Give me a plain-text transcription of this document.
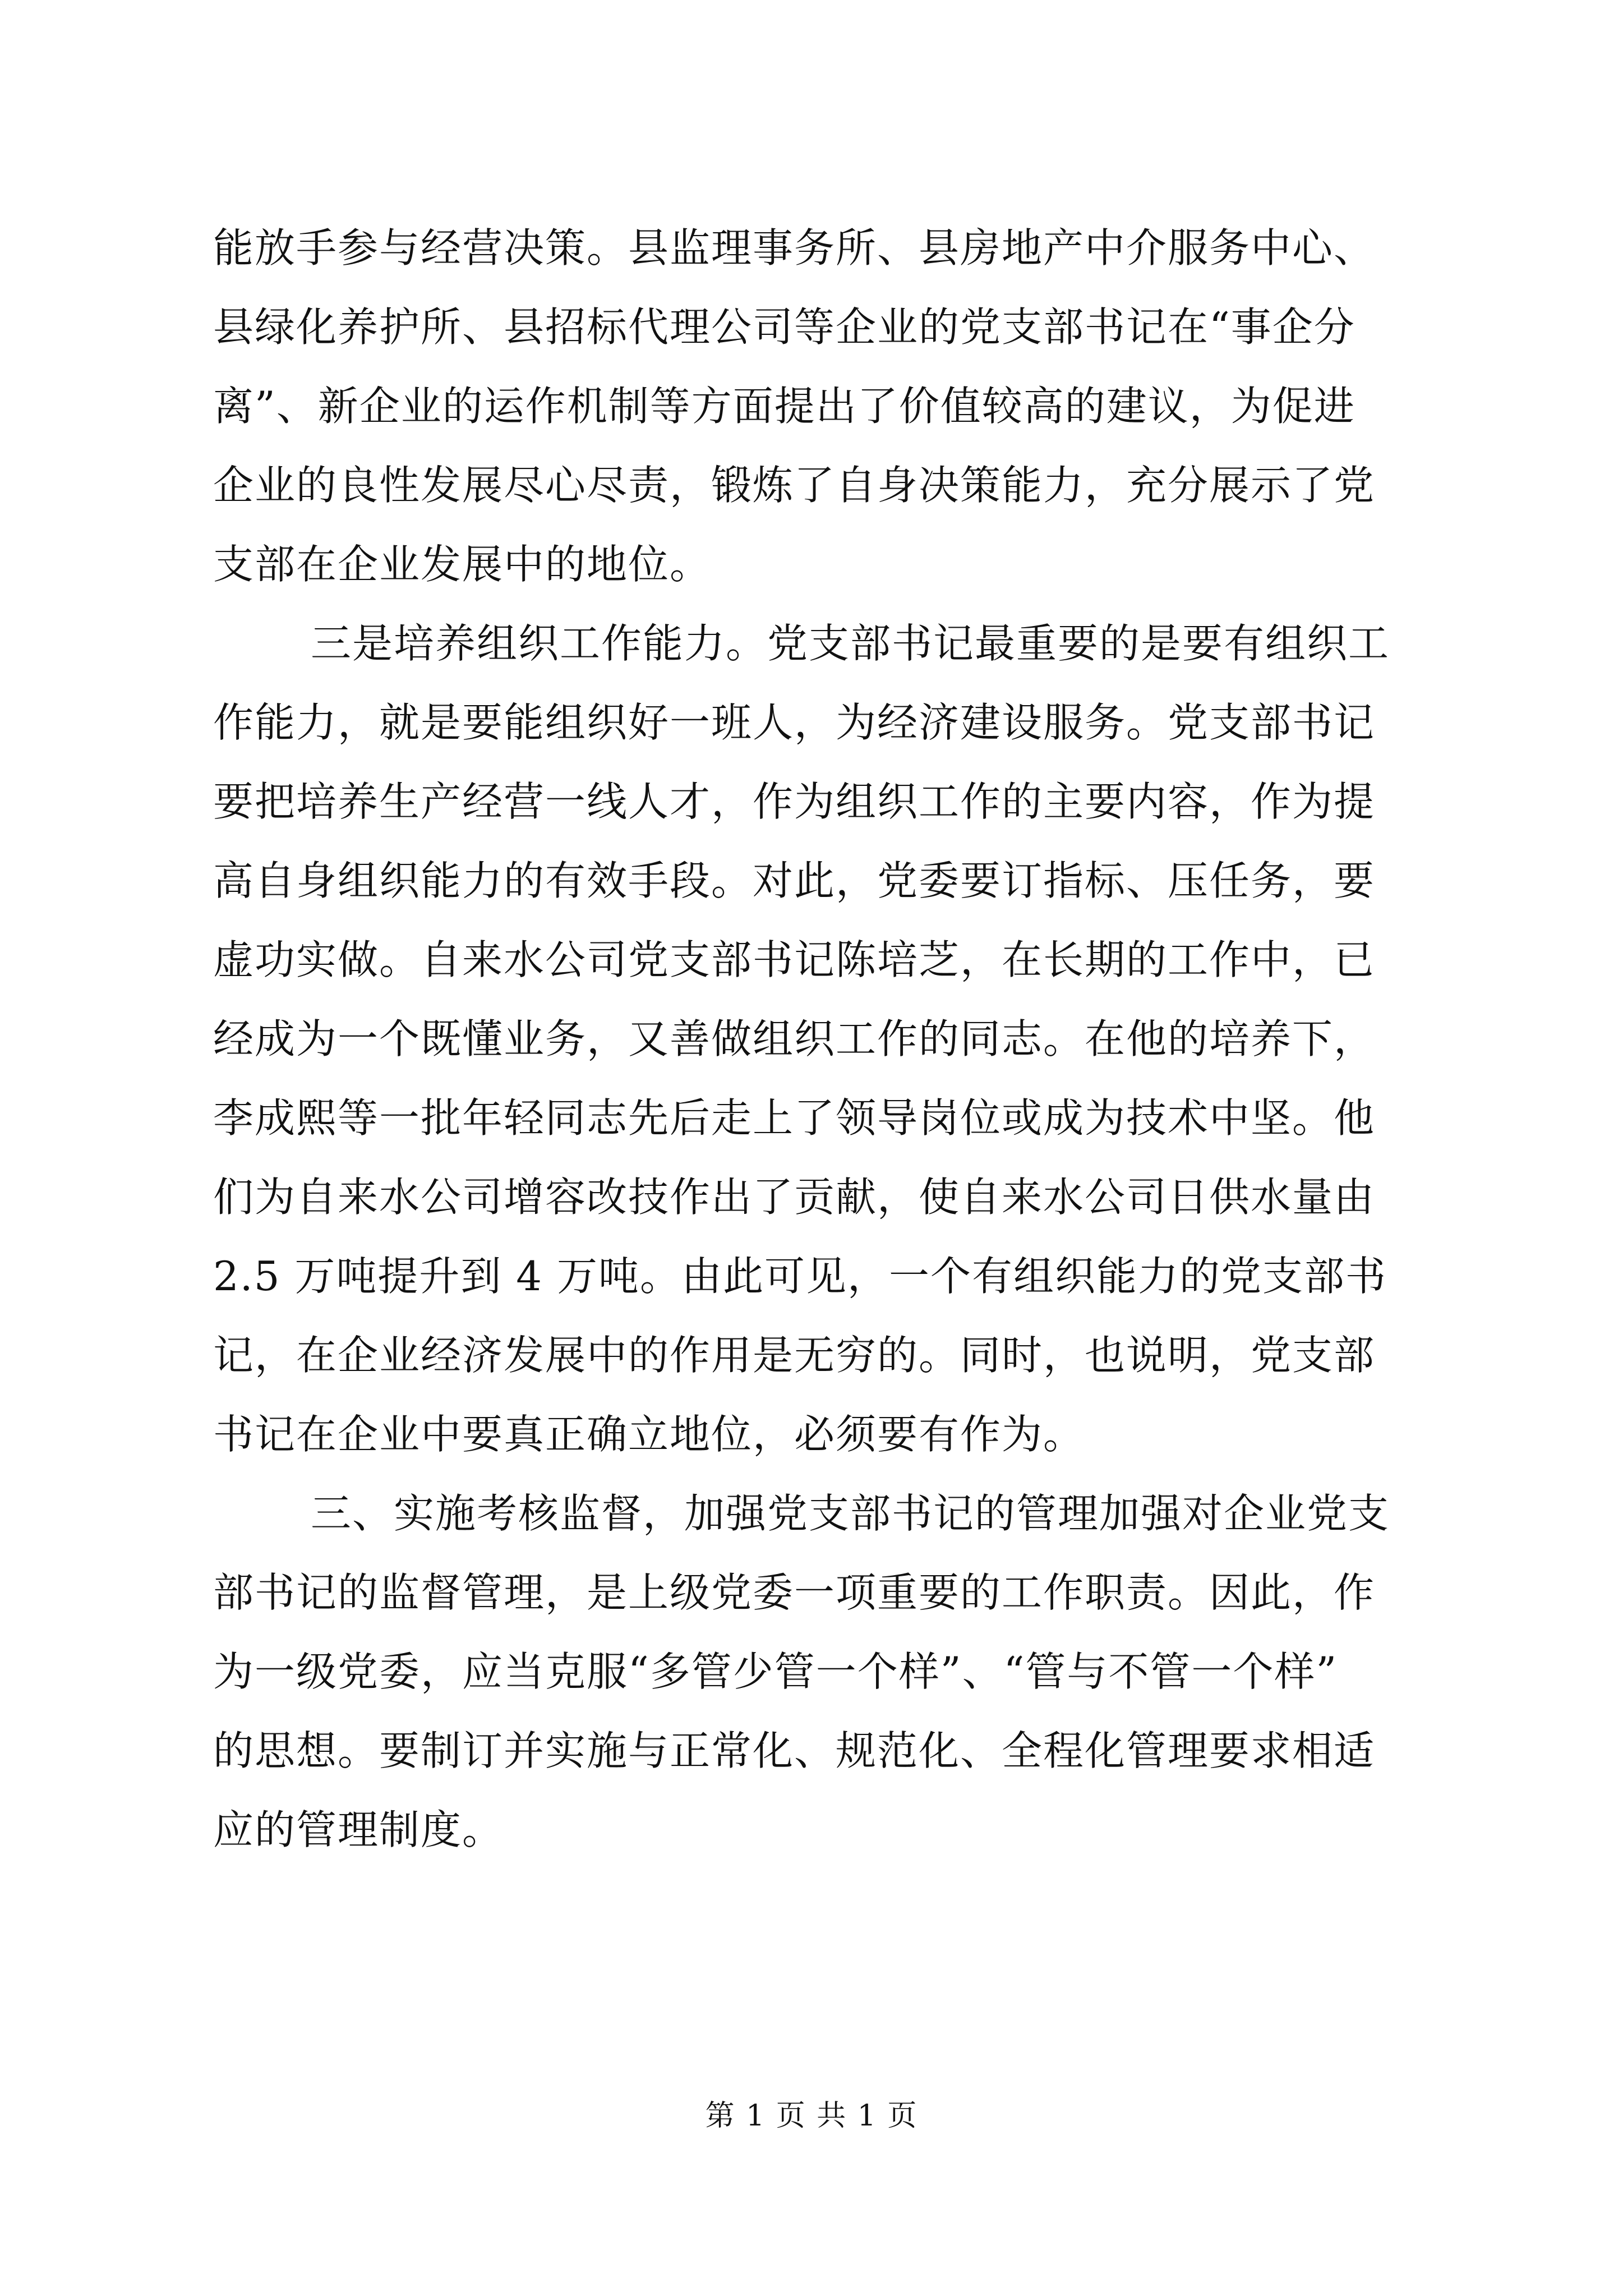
能放手参与经营决策。县监理事务所、县房地产中介服务中心、
县绿化养护所、县招标代理公司等企业的党支部书记在“事企分
离”、新企业的运作机制等方面提出了价值较高的建议，为促进
企业的良性发展尽心尽责，锻炼了自身决策能力，充分展示了党
支部在企业发展中的地位。
三是培养组织工作能力。党支部书记最重要的是要有组织工
作能力，就是要能组织好一班人，为经济建设服务。党支部书记
要把培养生产经营一线人才，作为组织工作的主要内容，作为提
高自身组织能力的有效手段。对此，党委要订指标、压任务，要
虚功实做。自来水公司党支部书记陈培芝，在长期的工作中，已
经成为一个既懂业务，又善做组织工作的同志。在他的培养下，
李成熙等一批年轻同志先后走上了领导岗位或成为技术中坚。他
们为自来水公司增容改技作出了贡献，使自来水公司日供水量由
2.5 万吨提升到 4 万吨。由此可见，一个有组织能力的党支部书
记，在企业经济发展中的作用是无穷的。同时，也说明，党支部
书记在企业中要真正确立地位，必须要有作为。
三、实施考核监督，加强党支部书记的管理加强对企业党支
部书记的监督管理，是上级党委一项重要的工作职责。因此，作
为一级党委，应当克服“多管少管一个样”、“管与不管一个样”
的思想。要制订并实施与正常化、规范化、全程化管理要求相适
应的管理制度。
第 1 页 共 1 页
